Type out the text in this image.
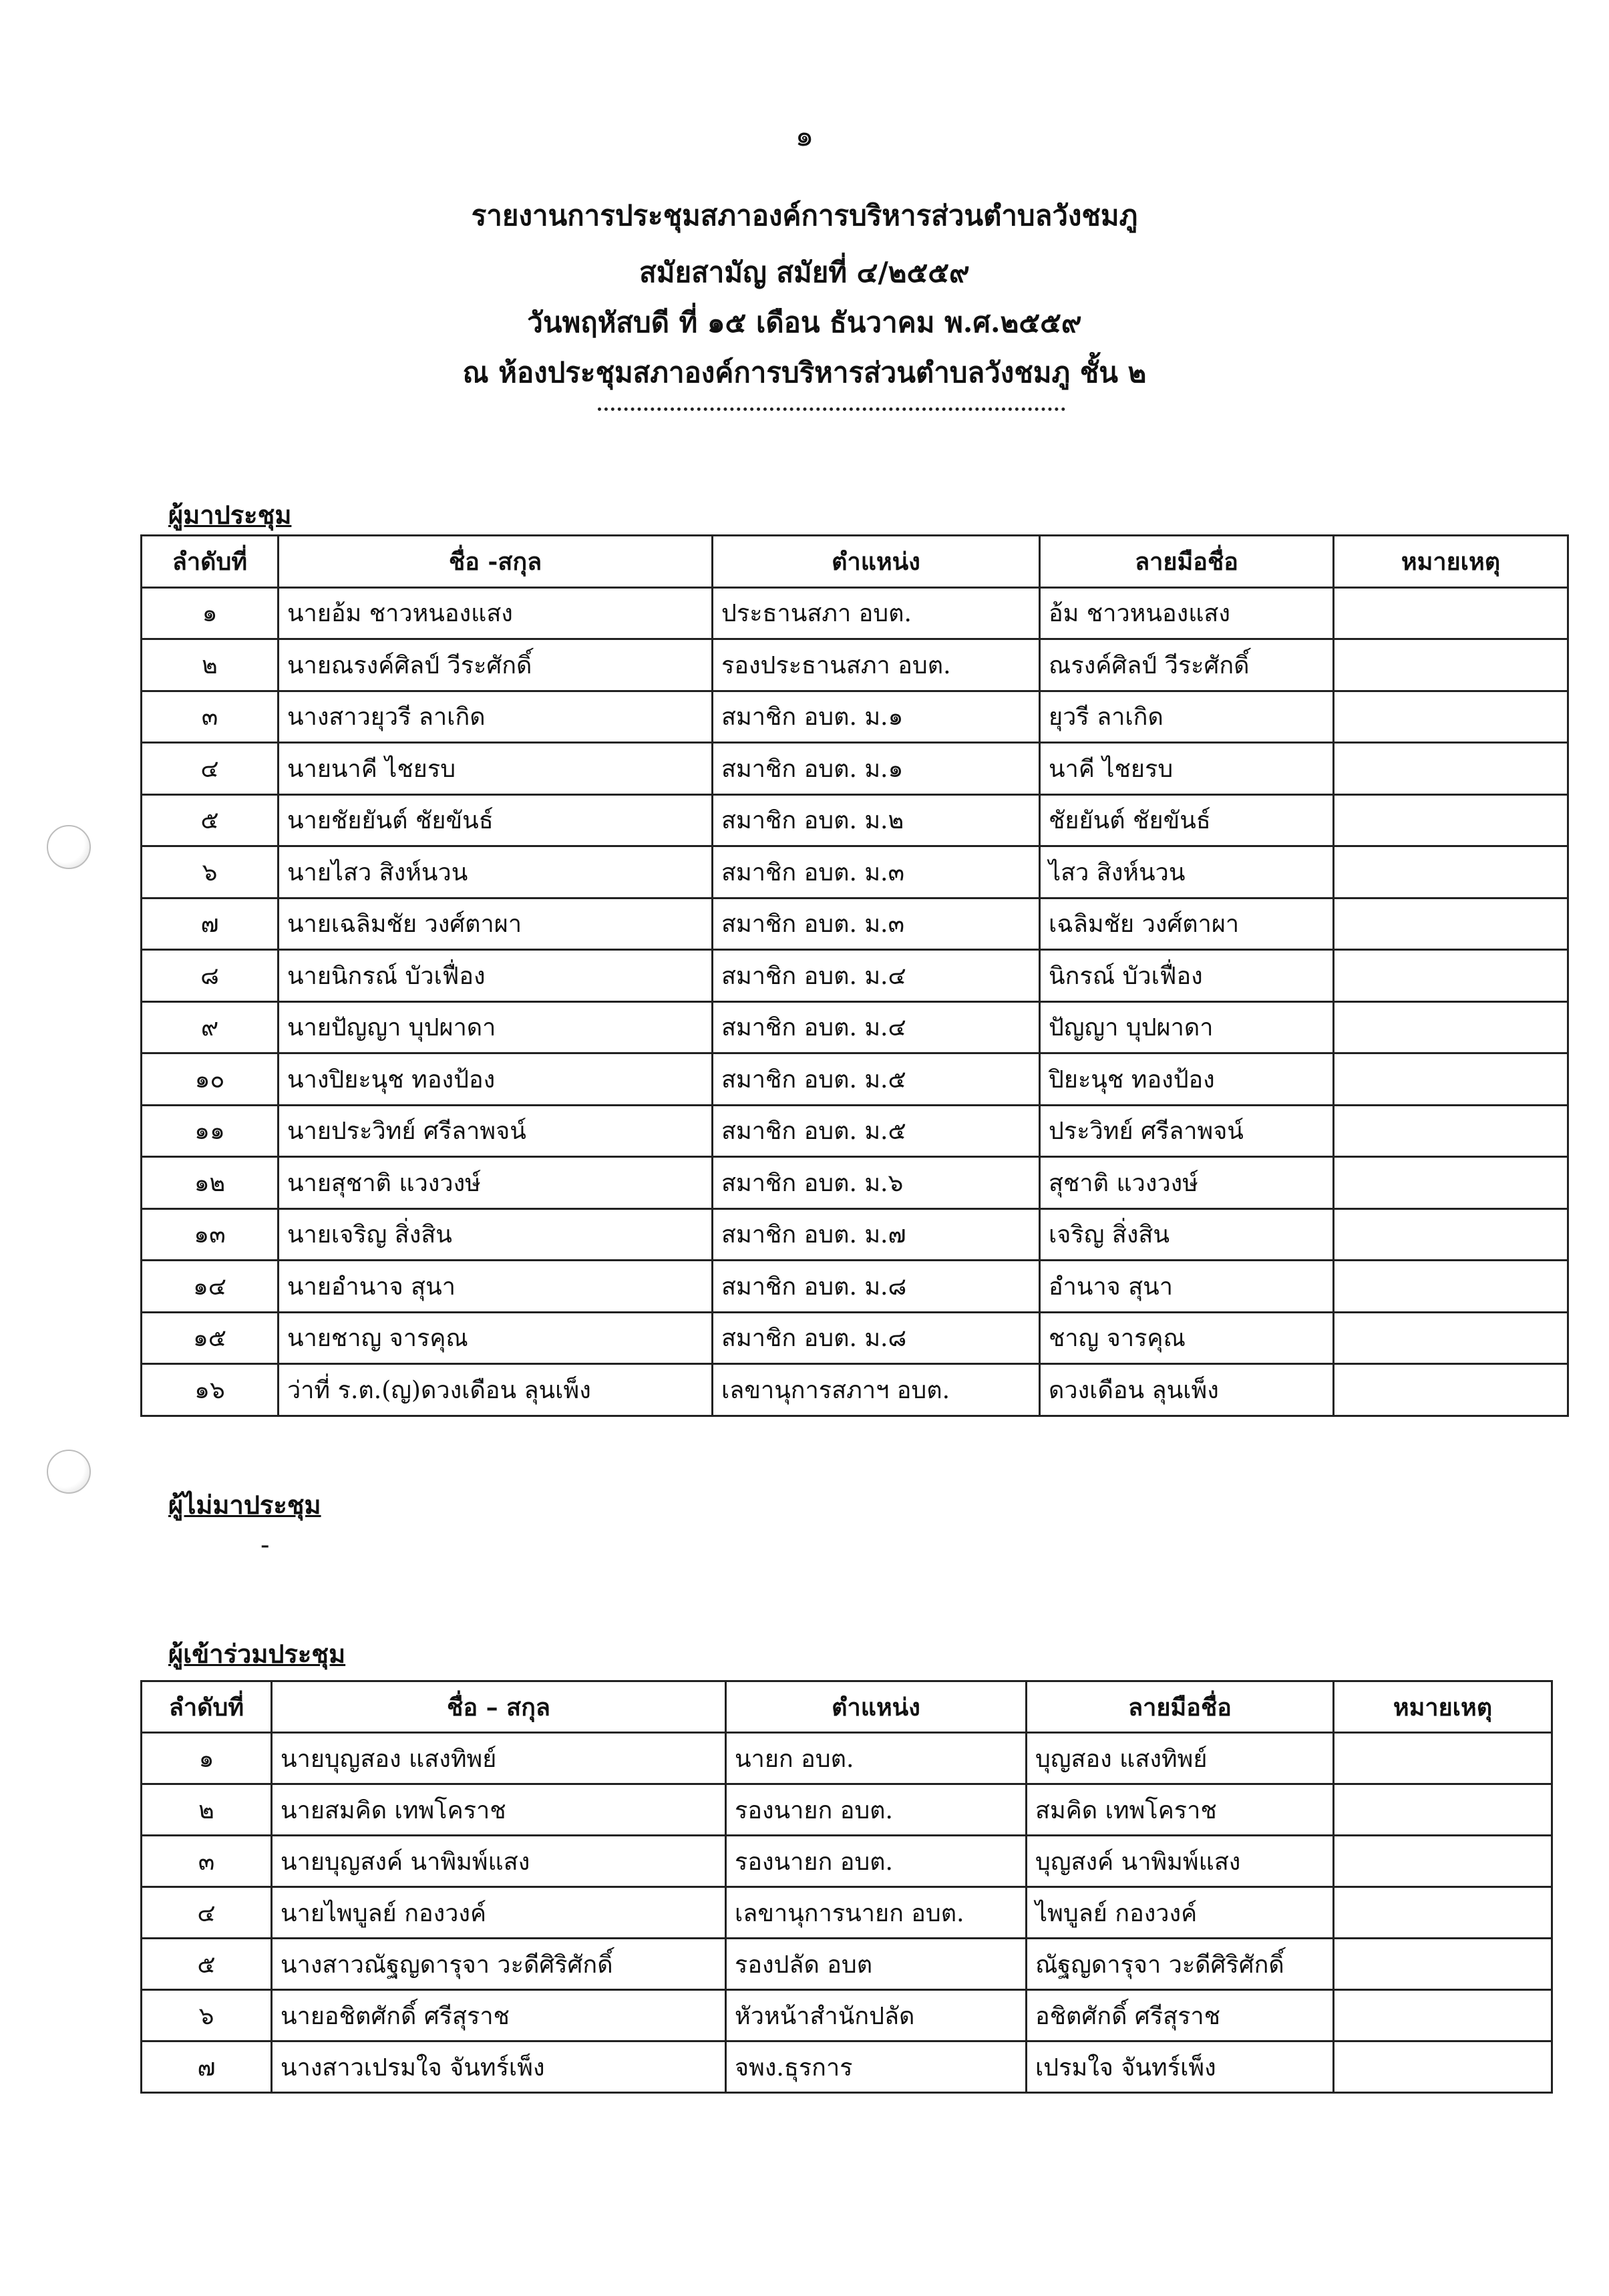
๑
รายงานการประชุมสภาองค์การบริหารส่วนตำบลวังชมภู
สมัยสามัญ สมัยที่ ๔/๒๕๕๙
วันพฤหัสบดี ที่ ๑๕ เดือน ธันวาคม พ.ศ.๒๕๕๙
ณ ห้องประชุมสภาองค์การบริหารส่วนตำบลวังชมภู ชั้น ๒
ผู้มาประชุม
ลำดับที่	ชื่อ -สกุล	ตำแหน่ง	ลายมือชื่อ	หมายเหตุ
๑	นายอ้ม ชาวหนองแสง	ประธานสภา อบต.	อ้ม ชาวหนองแสง	
๒	นายณรงค์ศิลป์ วีระศักดิ์	รองประธานสภา อบต.	ณรงค์ศิลป์ วีระศักดิ์	
๓	นางสาวยุวรี ลาเกิด	สมาชิก อบต. ม.๑	ยุวรี ลาเกิด	
๔	นายนาคี ไชยรบ	สมาชิก อบต. ม.๑	นาคี ไชยรบ	
๕	นายชัยยันต์ ชัยขันธ์	สมาชิก อบต. ม.๒	ชัยยันต์ ชัยขันธ์	
๖	นายไสว สิงห์นวน	สมาชิก อบต. ม.๓	ไสว สิงห์นวน	
๗	นายเฉลิมชัย วงศ์ตาผา	สมาชิก อบต. ม.๓	เฉลิมชัย วงศ์ตาผา	
๘	นายนิกรณ์ บัวเฟื่อง	สมาชิก อบต. ม.๔	นิกรณ์ บัวเฟื่อง	
๙	นายปัญญา บุปผาดา	สมาชิก อบต. ม.๔	ปัญญา บุปผาดา	
๑๐	นางปิยะนุช ทองป้อง	สมาชิก อบต. ม.๕	ปิยะนุช ทองป้อง	
๑๑	นายประวิทย์ ศรีลาพจน์	สมาชิก อบต. ม.๕	ประวิทย์ ศรีลาพจน์	
๑๒	นายสุชาติ แวงวงษ์	สมาชิก อบต. ม.๖	สุชาติ แวงวงษ์	
๑๓	นายเจริญ สิ่งสิน	สมาชิก อบต. ม.๗	เจริญ สิ่งสิน	
๑๔	นายอำนาจ สุนา	สมาชิก อบต. ม.๘	อำนาจ สุนา	
๑๕	นายชาญ จารคุณ	สมาชิก อบต. ม.๘	ชาญ จารคุณ	
๑๖	ว่าที่ ร.ต.(ญ)ดวงเดือน ลุนเพ็ง	เลขานุการสภาฯ อบต.	ดวงเดือน ลุนเพ็ง	
ผู้ไม่มาประชุม
-
ผู้เข้าร่วมประชุม
ลำดับที่	ชื่อ – สกุล	ตำแหน่ง	ลายมือชื่อ	หมายเหตุ
๑	นายบุญสอง แสงทิพย์	นายก อบต.	บุญสอง แสงทิพย์	
๒	นายสมคิด เทพโคราช	รองนายก อบต.	สมคิด เทพโคราช	
๓	นายบุญสงค์ นาพิมพ์แสง	รองนายก อบต.	บุญสงค์ นาพิมพ์แสง	
๔	นายไพบูลย์ กองวงค์	เลขานุการนายก อบต.	ไพบูลย์ กองวงค์	
๕	นางสาวณัฐญดารุจา วะดีศิริศักดิ์	รองปลัด อบต	ณัฐญดารุจา วะดีศิริศักดิ์	
๖	นายอชิตศักดิ์ ศรีสุราช	หัวหน้าสำนักปลัด	อชิตศักดิ์ ศรีสุราช	
๗	นางสาวเปรมใจ จันทร์เพ็ง	จพง.ธุรการ	เปรมใจ จันทร์เพ็ง	
